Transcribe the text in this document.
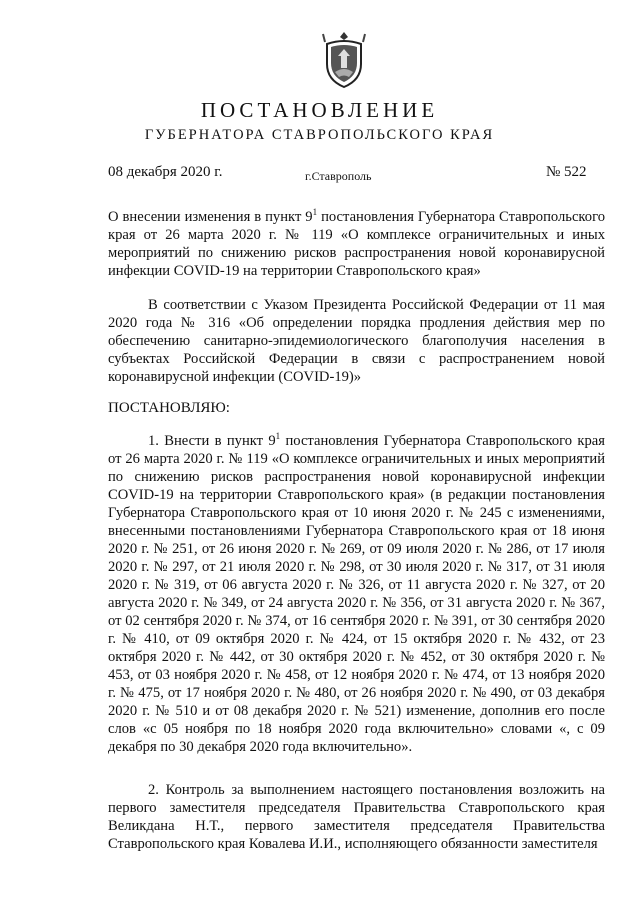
ПОСТАНОВЛЕНИЕ
ГУБЕРНАТОРА СТАВРОПОЛЬСКОГО КРАЯ
08 декабря 2020 г.	г.Ставрополь	№ 522
О внесении изменения в пункт $9^1$ постановления Губернатора Ставропольского края от 26 марта 2020 г. № 119 «О комплексе ограничительных и иных мероприятий по снижению рисков распространения новой коронавирусной инфекции COVID-19 на территории Ставропольского края»
В соответствии с Указом Президента Российской Федерации от 11 мая 2020 года № 316 «Об определении порядка продления действия мер по обеспечению санитарно-эпидемиологического благополучия населения в субъектах Российской Федерации в связи с распространением новой коронавирусной инфекции (COVID-19)»
ПОСТАНОВЛЯЮ:
1. Внести в пункт $9^1$ постановления Губернатора Ставропольского края от 26 марта 2020 г. № 119 «О комплексе ограничительных и иных мероприятий по снижению рисков распространения новой коронавирусной инфекции COVID-19 на территории Ставропольского края» (в редакции постановления Губернатора Ставропольского края от 10 июня 2020 г. № 245 с изменениями, внесенными постановлениями Губернатора Ставропольского края от 18 июня 2020 г. № 251, от 26 июня 2020 г. № 269, от 09 июля 2020 г. № 286, от 17 июля 2020 г. № 297, от 21 июля 2020 г. № 298, от 30 июля 2020 г. № 317, от 31 июля 2020 г. № 319, от 06 августа 2020 г. № 326, от 11 августа 2020 г. № 327, от 20 августа 2020 г. № 349, от 24 августа 2020 г. № 356, от 31 августа 2020 г. № 367, от 02 сентября 2020 г. № 374, от 16 сентября 2020 г. № 391, от 30 сентября 2020 г. № 410, от 09 октября 2020 г. № 424, от 15 октября 2020 г. № 432, от 23 октября 2020 г. № 442, от 30 октября 2020 г. № 452, от 30 октября 2020 г. № 453, от 03 ноября 2020 г. № 458, от 12 ноября 2020 г. № 474, от 13 ноября 2020 г. № 475, от 17 ноября 2020 г. № 480, от 26 ноября 2020 г. № 490, от 03 декабря 2020 г. № 510 и от 08 декабря 2020 г. № 521) изменение, дополнив его после слов «с 05 ноября по 18 ноября 2020 года включительно» словами «, с 09 декабря по 30 декабря 2020 года включительно».
2. Контроль за выполнением настоящего постановления возложить на первого заместителя председателя Правительства Ставропольского края Великдана Н.Т., первого заместителя председателя Правительства Ставропольского края Ковалева И.И., исполняющего обязанности заместителя
